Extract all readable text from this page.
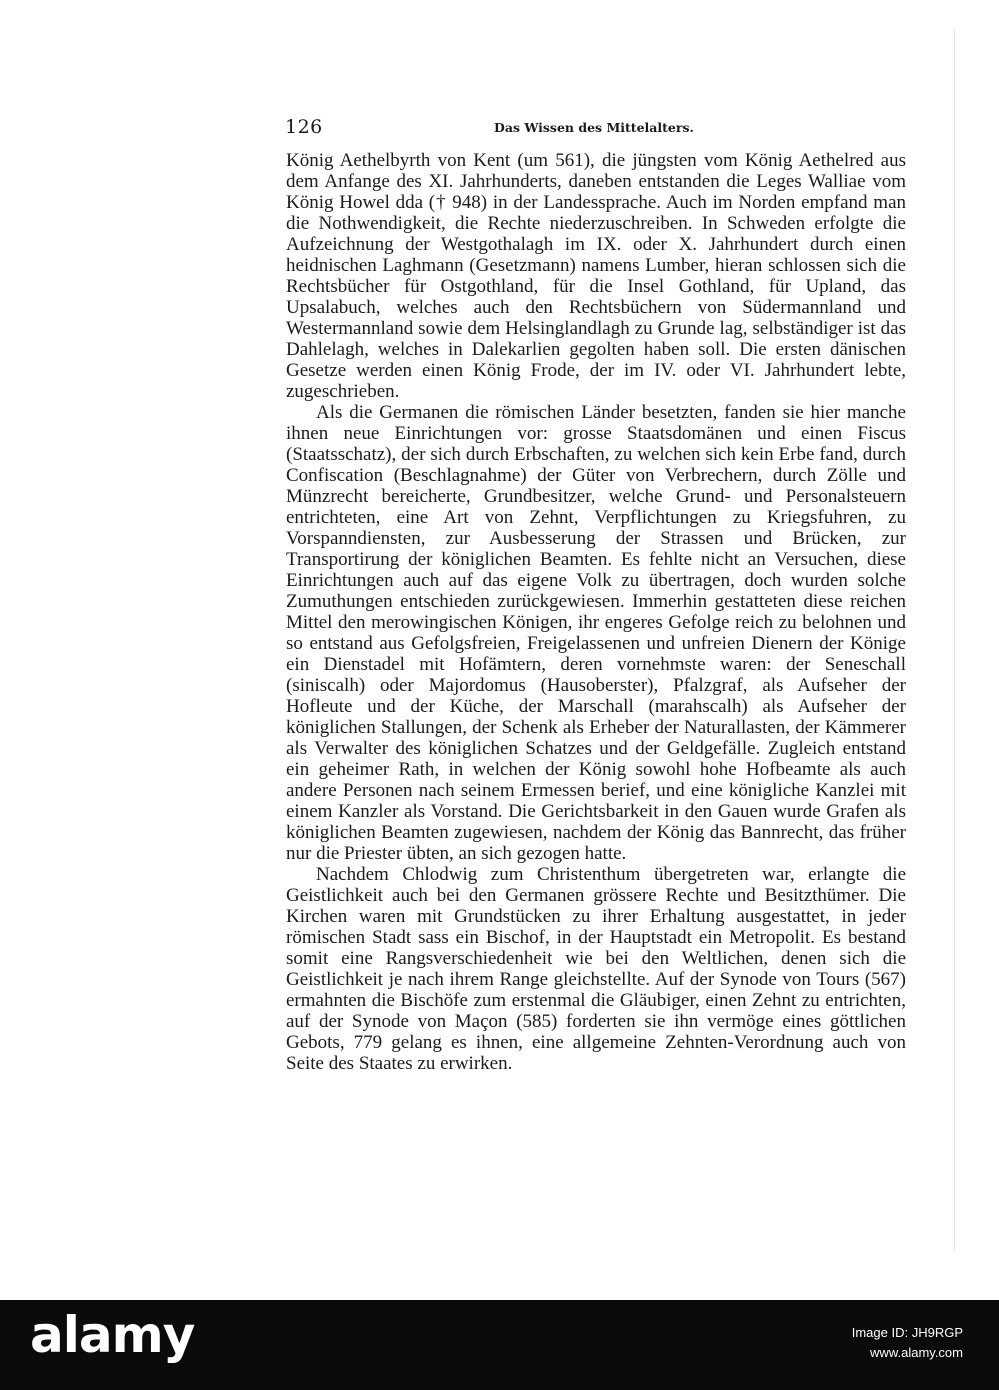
126	Das Wissen des Mittelalters.
König Aethelbyrth von Kent (um 561), die jüngsten vom König Aethelred aus dem Anfange des XI. Jahrhunderts, daneben entstanden die Leges Walliae vom König Howel dda († 948) in der Landessprache. Auch im Norden empfand man die Nothwendigkeit, die Rechte niederzuschreiben. In Schweden erfolgte die Aufzeichnung der Westgothalagh im IX. oder X. Jahrhundert durch einen heidnischen Laghmann (Gesetzmann) namens Lumber, hieran schlossen sich die Rechtsbücher für Ostgothland, für die Insel Gothland, für Upland, das Upsalabuch, welches auch den Rechtsbüchern von Südermannland und Westermannland sowie dem Helsinglandlagh zu Grunde lag, selbständiger ist das Dahlelagh, welches in Dalekarlien gegolten haben soll. Die ersten dänischen Gesetze werden einen König Frode, der im IV. oder VI. Jahrhundert lebte, zugeschrieben.
Als die Germanen die römischen Länder besetzten, fanden sie hier manche ihnen neue Einrichtungen vor: grosse Staatsdomänen und einen Fiscus (Staatsschatz), der sich durch Erbschaften, zu welchen sich kein Erbe fand, durch Confiscation (Beschlagnahme) der Güter von Verbrechern, durch Zölle und Münzrecht bereicherte, Grundbesitzer, welche Grund- und Personalsteuern entrichteten, eine Art von Zehnt, Verpflichtungen zu Kriegsfuhren, zu Vorspanndiensten, zur Ausbesserung der Strassen und Brücken, zur Transportirung der königlichen Beamten. Es fehlte nicht an Versuchen, diese Einrichtungen auch auf das eigene Volk zu übertragen, doch wurden solche Zumuthungen entschieden zurückgewiesen. Immerhin gestatteten diese reichen Mittel den merowingischen Königen, ihr engeres Gefolge reich zu belohnen und so entstand aus Gefolgsfreien, Freigelassenen und unfreien Dienern der Könige ein Dienstadel mit Hofämtern, deren vornehmste waren: der Seneschall (siniscalh) oder Majordomus (Hausoberster), Pfalzgraf, als Aufseher der Hofleute und der Küche, der Marschall (marahscalh) als Aufseher der königlichen Stallungen, der Schenk als Erheber der Naturallasten, der Kämmerer als Verwalter des königlichen Schatzes und der Geldgefälle. Zugleich entstand ein geheimer Rath, in welchen der König sowohl hohe Hofbeamte als auch andere Personen nach seinem Ermessen berief, und eine königliche Kanzlei mit einem Kanzler als Vorstand. Die Gerichtsbarkeit in den Gauen wurde Grafen als königlichen Beamten zugewiesen, nachdem der König das Bannrecht, das früher nur die Priester übten, an sich gezogen hatte.
Nachdem Chlodwig zum Christenthum übergetreten war, erlangte die Geistlichkeit auch bei den Germanen grössere Rechte und Besitzthümer. Die Kirchen waren mit Grundstücken zu ihrer Erhaltung ausgestattet, in jeder römischen Stadt sass ein Bischof, in der Hauptstadt ein Metropolit. Es bestand somit eine Rangsverschiedenheit wie bei den Weltlichen, denen sich die Geistlichkeit je nach ihrem Range gleichstellte. Auf der Synode von Tours (567) ermahnten die Bischöfe zum erstenmal die Gläubiger, einen Zehnt zu entrichten, auf der Synode von Maçon (585) forderten sie ihn vermöge eines göttlichen Gebots, 779 gelang es ihnen, eine allgemeine Zehnten-Verordnung auch von Seite des Staates zu erwirken.
alamy	Image ID: JH9RGP
www.alamy.com
